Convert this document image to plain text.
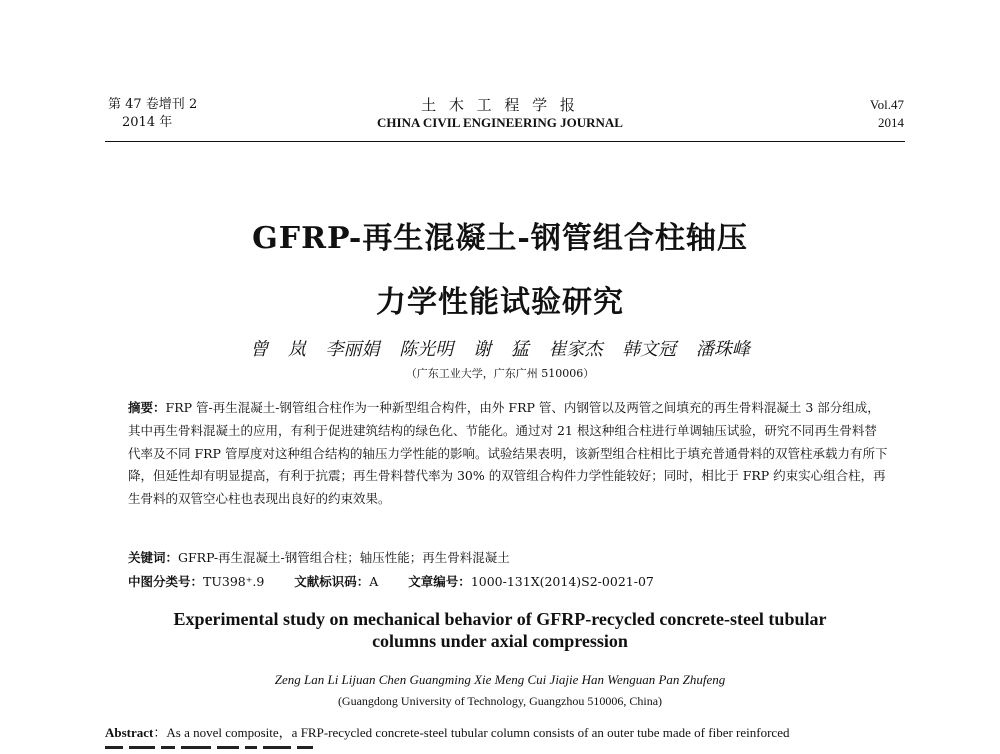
第 47 卷增刊 2
2014 年
土 木 工 程 学 报
CHINA CIVIL ENGINEERING JOURNAL
Vol.47
2014
GFRP-再生混凝土-钢管组合柱轴压
力学性能试验研究
曾 岚 李丽娟 陈光明 谢 猛 崔家杰 韩文冠 潘珠峰
（广东工业大学，广东广州 510006）
摘要：FRP 管-再生混凝土-钢管组合柱作为一种新型组合构件，由外 FRP 管、内钢管以及两管之间填充的再生骨料混凝土 3 部分组成，其中再生骨料混凝土的应用，有利于促进建筑结构的绿色化、节能化。通过对 21 根这种组合柱进行单调轴压试验，研究不同再生骨料替代率及不同 FRP 管厚度对这种组合结构的轴压力学性能的影响。试验结果表明，该新型组合柱相比于填充普通骨料的双管柱承载力有所下降，但延性却有明显提高，有利于抗震；再生骨料替代率为 30% 的双管组合构件力学性能较好；同时，相比于 FRP 约束实心组合柱，再生骨料的双管空心柱也表现出良好的约束效果。
关键词：GFRP-再生混凝土-钢管组合柱；轴压性能；再生骨料混凝土
中图分类号：TU398⁺.9 文献标识码：A 文章编号：1000-131X(2014)S2-0021-07
Experimental study on mechanical behavior of GFRP-recycled concrete-steel tubular
columns under axial compression
Zeng Lan Li Lijuan Chen Guangming Xie Meng Cui Jiajie Han Wenguan Pan Zhufeng
(Guangdong University of Technology, Guangzhou 510006, China)
Abstract：As a novel composite，a FRP-recycled concrete-steel tubular column consists of an outer tube made of fiber reinforced
